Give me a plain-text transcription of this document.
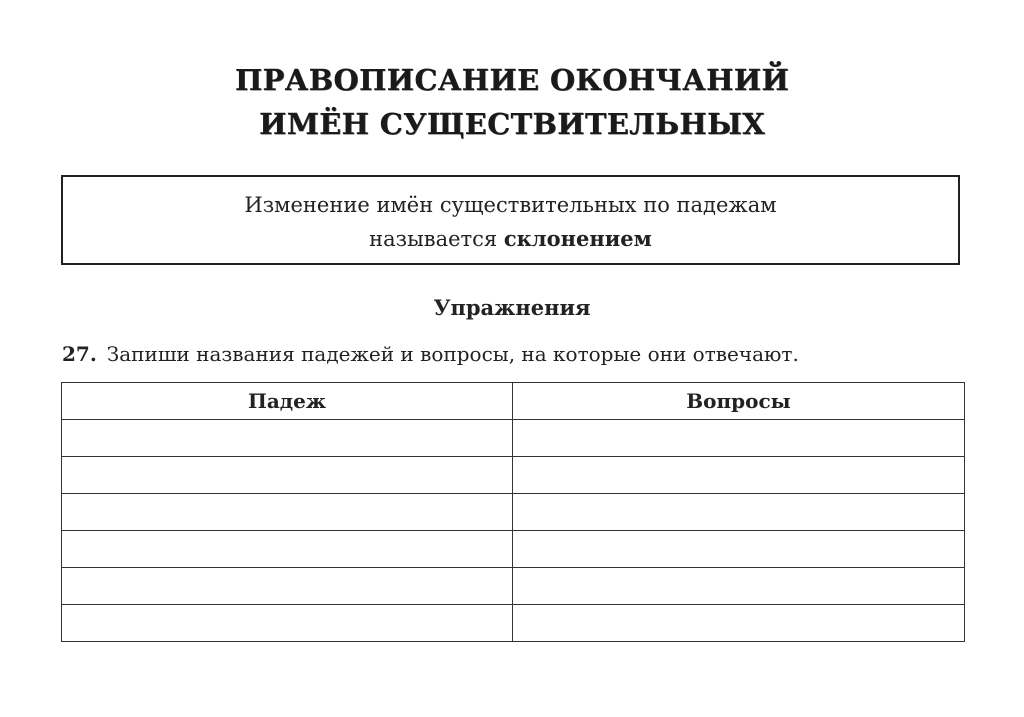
ПРАВОПИСАНИЕ ОКОНЧАНИЙ
ИМЁН СУЩЕСТВИТЕЛЬНЫХ
Изменение имён существительных по падежам
называется склонением
Упражнения
27. Запиши названия падежей и вопросы, на которые они отвечают.
Падеж	Вопросы
